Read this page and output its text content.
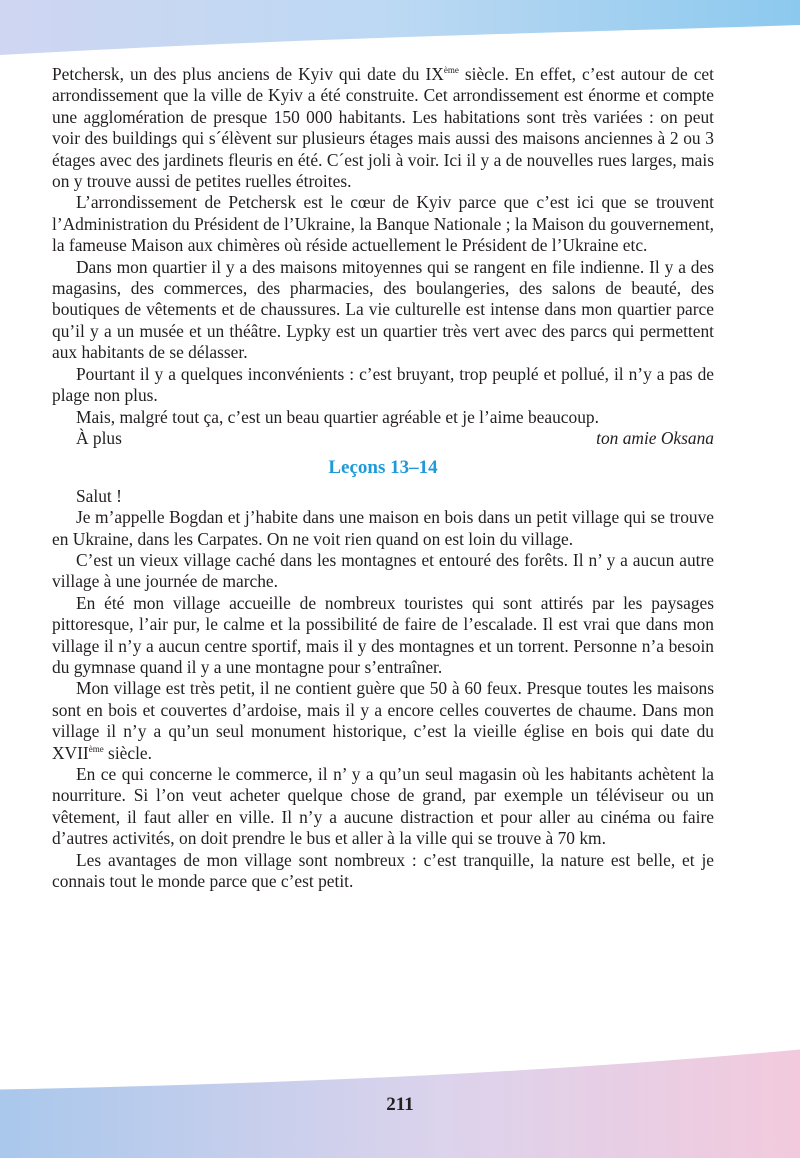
Petchersk, un des plus anciens de Kyiv qui date du IXème siècle. En effet, c’est autour de cet arrondissement que la ville de Kyiv a été construite. Cet arrondissement est énorme et compte une agglomération de presque 150 000 habitants. Les habitations sont très variées : on peut voir des buildings qui s´élèvent sur plusieurs étages mais aussi des maisons anciennes à 2 ou 3 étages avec des jardinets fleuris en été. C´est joli à voir. Ici il y a de nouvelles rues larges, mais on y trouve aussi de petites ruelles étroites.

L’arrondissement de Petchersk est le cœur de Kyiv parce que c’est ici que se trouvent l’Administration du Président de l’Ukraine, la Banque Nationale ; la Maison du gouvernement, la fameuse Maison aux chimères où réside actuellement le Président de l’Ukraine etc.

Dans mon quartier il y a des maisons mitoyennes qui se rangent en file indienne. Il y a des magasins, des commerces, des pharmacies, des boulangeries, des salons de beauté, des boutiques de vêtements et de chaussures. La vie culturelle est intense dans mon quartier parce qu’il y a un musée et un théâtre. Lypky est un quartier très vert avec des parcs qui permettent aux habitants de se délasser.

Pourtant il y a quelques inconvénients : c’est bruyant, trop peuplé et pollué, il n’y a pas de plage non plus.

Mais, malgré tout ça, c’est un beau quartier agréable et je l’aime beaucoup.

À plus	ton amie Oksana

Leçons 13–14

Salut !

Je m’appelle Bogdan et j’habite dans une maison en bois dans un petit village qui se trouve en Ukraine, dans les Carpates. On ne voit rien quand on est loin du village.

C’est un vieux village caché dans les montagnes et entouré des forêts. Il n’ y a aucun autre village à une journée de marche.

En été mon village accueille de nombreux touristes qui sont attirés par les paysages pittoresque, l’air pur, le calme et la possibilité de faire de l’escalade. Il est vrai que dans mon village il n’y a aucun centre sportif, mais il y des montagnes et un torrent. Personne n’a besoin du gymnase quand il y a une montagne pour s’entraîner.

Mon village est très petit, il ne contient guère que 50 à 60 feux. Presque toutes les maisons sont en bois et couvertes d’ardoise, mais il y a encore celles couvertes de chaume. Dans mon village il n’y a qu’un seul monument historique, c’est la vieille église en bois qui date du XVIIème siècle.

En ce qui concerne le commerce, il n’ y a qu’un seul magasin où les habitants achètent la nourriture. Si l’on veut acheter quelque chose de grand, par exemple un téléviseur ou un vêtement, il faut aller en ville. Il n’y a aucune distraction et pour aller au cinéma ou faire d’autres activités, on doit prendre le bus et aller à la ville qui se trouve à 70 km.

Les avantages de mon village sont nombreux : c’est tranquille, la nature est belle, et je connais tout le monde parce que c’est petit.

211
